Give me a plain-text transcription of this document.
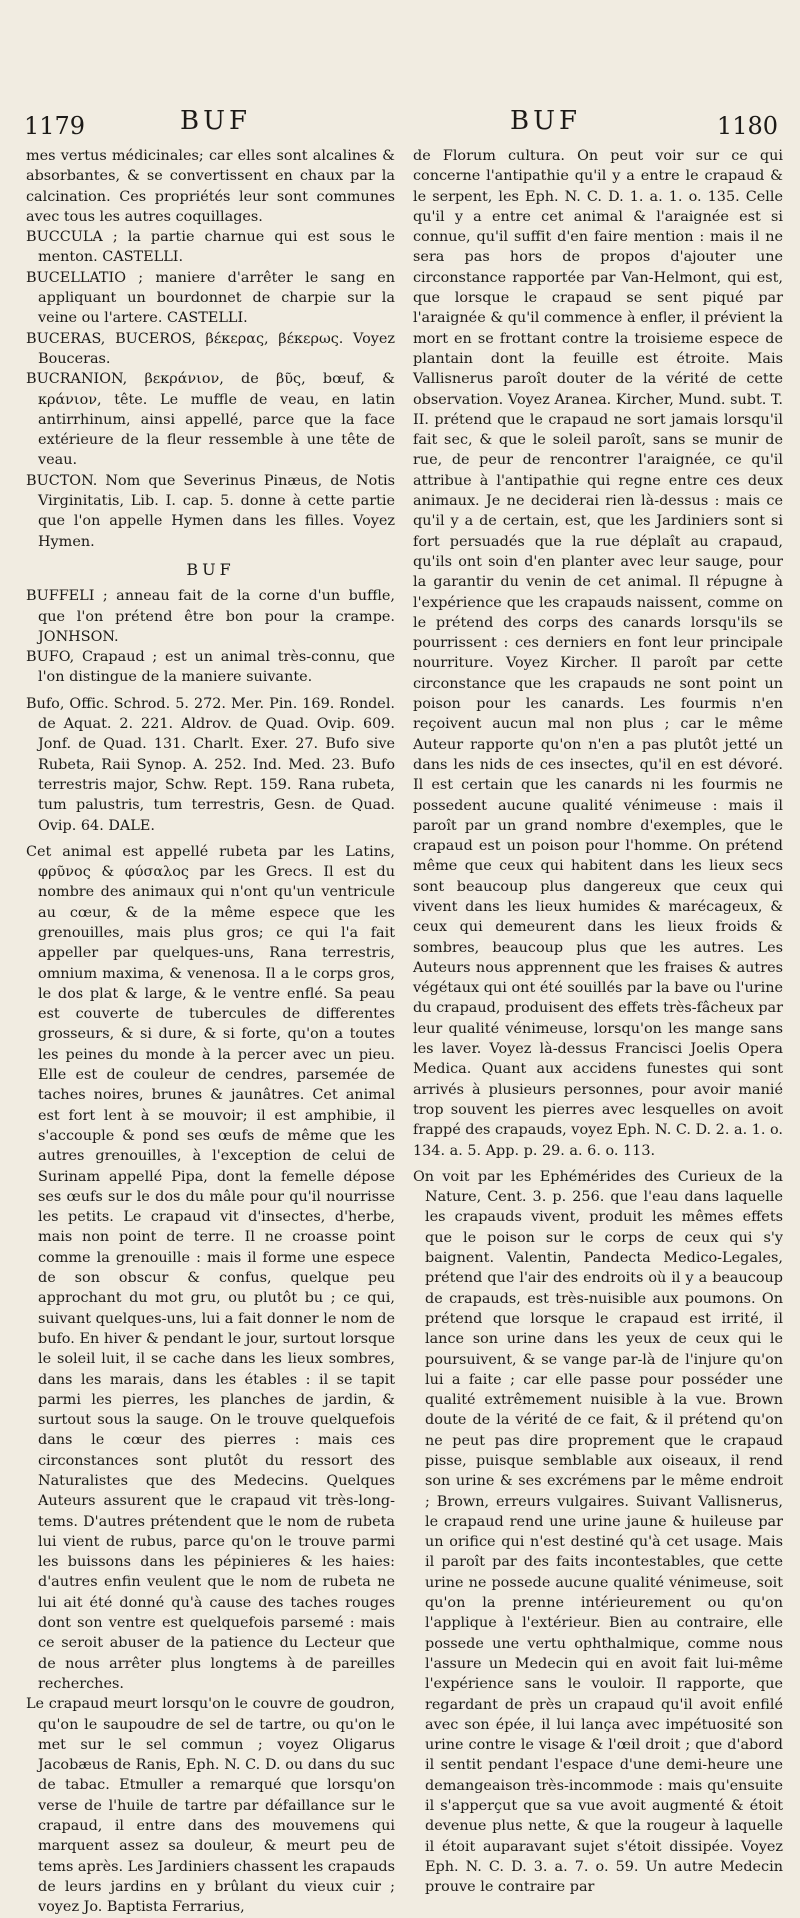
1179	BUF	BUF	1180

mes vertus médicinales; car elles sont alcalines & absorbantes, & se convertissent en chaux par la calcination. Ces propriétés leur sont communes avec tous les autres coquillages.

BUCCULA ; la partie charnue qui est sous le menton. CASTELLI.

BUCELLATIO ; maniere d'arrêter le sang en appliquant un bourdonnet de charpie sur la veine ou l'artere. CASTELLI.

BUCERAS, BUCEROS, βέκερας, βέκερως. Voyez Bouceras.

BUCRANION, βεκράνιον, de βῦς, bœuf, & κράνιον, tête. Le muffle de veau, en latin antirrhinum, ainsi appellé, parce que la face extérieure de la fleur ressemble à une tête de veau.

BUCTON. Nom que Severinus Pinæus, de Notis Virginitatis, Lib. I. cap. 5. donne à cette partie que l'on appelle Hymen dans les filles. Voyez Hymen.

BUF

BUFFELI ; anneau fait de la corne d'un buffle, que l'on prétend être bon pour la crampe. JONHSON.

BUFO, Crapaud ; est un animal très-connu, que l'on distingue de la maniere suivante.

Bufo, Offic. Schrod. 5. 272. Mer. Pin. 169. Rondel. de Aquat. 2. 221. Aldrov. de Quad. Ovip. 609. Jonf. de Quad. 131. Charlt. Exer. 27. Bufo sive Rubeta, Raii Synop. A. 252. Ind. Med. 23. Bufo terrestris major, Schw. Rept. 159. Rana rubeta, tum palustris, tum terrestris, Gesn. de Quad. Ovip. 64. DALE.

Cet animal est appellé rubeta par les Latins, φρῦνος & φύσαλος par les Grecs. Il est du nombre des animaux qui n'ont qu'un ventricule au cœur, & de la même espece que les grenouilles, mais plus gros; ce qui l'a fait appeller par quelques-uns, Rana terrestris, omnium maxima, & venenosa. Il a le corps gros, le dos plat & large, & le ventre enflé. Sa peau est couverte de tubercules de differentes grosseurs, & si dure, & si forte, qu'on a toutes les peines du monde à la percer avec un pieu. Elle est de couleur de cendres, parsemée de taches noires, brunes & jaunâtres. Cet animal est fort lent à se mouvoir; il est amphibie, il s'accouple & pond ses œufs de même que les autres grenouilles, à l'exception de celui de Surinam appellé Pipa, dont la femelle dépose ses œufs sur le dos du mâle pour qu'il nourrisse les petits. Le crapaud vit d'insectes, d'herbe, mais non point de terre. Il ne croasse point comme la grenouille : mais il forme une espece de son obscur & confus, quelque peu approchant du mot gru, ou plutôt bu ; ce qui, suivant quelques-uns, lui a fait donner le nom de bufo. En hiver & pendant le jour, surtout lorsque le soleil luit, il se cache dans les lieux sombres, dans les marais, dans les étables : il se tapit parmi les pierres, les planches de jardin, & surtout sous la sauge. On le trouve quelquefois dans le cœur des pierres : mais ces circonstances sont plutôt du ressort des Naturalistes que des Medecins. Quelques Auteurs assurent que le crapaud vit très-long-tems. D'autres prétendent que le nom de rubeta lui vient de rubus, parce qu'on le trouve parmi les buissons dans les pépinieres & les haies: d'autres enfin veulent que le nom de rubeta ne lui ait été donné qu'à cause des taches rouges dont son ventre est quelquefois parsemé : mais ce seroit abuser de la patience du Lecteur que de nous arrêter plus longtems à de pareilles recherches.

Le crapaud meurt lorsqu'on le couvre de goudron, qu'on le saupoudre de sel de tartre, ou qu'on le met sur le sel commun ; voyez Oligarus Jacobæus de Ranis, Eph. N. C. D. ou dans du suc de tabac. Etmuller a remarqué que lorsqu'on verse de l'huile de tartre par défaillance sur le crapaud, il entre dans des mouvemens qui marquent assez sa douleur, & meurt peu de tems après. Les Jardiniers chassent les crapauds de leurs jardins en y brûlant du vieux cuir ; voyez Jo. Baptista Ferrarius,

de Florum cultura. On peut voir sur ce qui concerne l'antipathie qu'il y a entre le crapaud & le serpent, les Eph. N. C. D. 1. a. 1. o. 135. Celle qu'il y a entre cet animal & l'araignée est si connue, qu'il suffit d'en faire mention : mais il ne sera pas hors de propos d'ajouter une circonstance rapportée par Van-Helmont, qui est, que lorsque le crapaud se sent piqué par l'araignée & qu'il commence à enfler, il prévient la mort en se frottant contre la troisieme espece de plantain dont la feuille est étroite. Mais Vallisnerus paroît douter de la vérité de cette observation. Voyez Aranea. Kircher, Mund. subt. T. II. prétend que le crapaud ne sort jamais lorsqu'il fait sec, & que le soleil paroît, sans se munir de rue, de peur de rencontrer l'araignée, ce qu'il attribue à l'antipathie qui regne entre ces deux animaux. Je ne deciderai rien là-dessus : mais ce qu'il y a de certain, est, que les Jardiniers sont si fort persuadés que la rue déplaît au crapaud, qu'ils ont soin d'en planter avec leur sauge, pour la garantir du venin de cet animal. Il répugne à l'expérience que les crapauds naissent, comme on le prétend des corps des canards lorsqu'ils se pourrissent : ces derniers en font leur principale nourriture. Voyez Kircher. Il paroît par cette circonstance que les crapauds ne sont point un poison pour les canards. Les fourmis n'en reçoivent aucun mal non plus ; car le même Auteur rapporte qu'on n'en a pas plutôt jetté un dans les nids de ces insectes, qu'il en est dévoré. Il est certain que les canards ni les fourmis ne possedent aucune qualité vénimeuse : mais il paroît par un grand nombre d'exemples, que le crapaud est un poison pour l'homme. On prétend même que ceux qui habitent dans les lieux secs sont beaucoup plus dangereux que ceux qui vivent dans les lieux humides & marécageux, & ceux qui demeurent dans les lieux froids & sombres, beaucoup plus que les autres. Les Auteurs nous apprennent que les fraises & autres végétaux qui ont été souillés par la bave ou l'urine du crapaud, produisent des effets très-fâcheux par leur qualité vénimeuse, lorsqu'on les mange sans les laver. Voyez là-dessus Francisci Joelis Opera Medica. Quant aux accidens funestes qui sont arrivés à plusieurs personnes, pour avoir manié trop souvent les pierres avec lesquelles on avoit frappé des crapauds, voyez Eph. N. C. D. 2. a. 1. o. 134. a. 5. App. p. 29. a. 6. o. 113.

On voit par les Ephémérides des Curieux de la Nature, Cent. 3. p. 256. que l'eau dans laquelle les crapauds vivent, produit les mêmes effets que le poison sur le corps de ceux qui s'y baignent. Valentin, Pandecta Medico-Legales, prétend que l'air des endroits où il y a beaucoup de crapauds, est très-nuisible aux poumons. On prétend que lorsque le crapaud est irrité, il lance son urine dans les yeux de ceux qui le poursuivent, & se vange par-là de l'injure qu'on lui a faite ; car elle passe pour posséder une qualité extrêmement nuisible à la vue. Brown doute de la vérité de ce fait, & il prétend qu'on ne peut pas dire proprement que le crapaud pisse, puisque semblable aux oiseaux, il rend son urine & ses excrémens par le même endroit ; Brown, erreurs vulgaires. Suivant Vallisnerus, le crapaud rend une urine jaune & huileuse par un orifice qui n'est destiné qu'à cet usage. Mais il paroît par des faits incontestables, que cette urine ne possede aucune qualité vénimeuse, soit qu'on la prenne intérieurement ou qu'on l'applique à l'extérieur. Bien au contraire, elle possede une vertu ophthalmique, comme nous l'assure un Medecin qui en avoit fait lui-même l'expérience sans le vouloir. Il rapporte, que regardant de près un crapaud qu'il avoit enfilé avec son épée, il lui lança avec impétuosité son urine contre le visage & l'œil droit ; que d'abord il sentit pendant l'espace d'une demi-heure une demangeaison très-incommode : mais qu'ensuite il s'apperçut que sa vue avoit augmenté & étoit devenue plus nette, & que la rougeur à laquelle il étoit auparavant sujet s'étoit dissipée. Voyez Eph. N. C. D. 3. a. 7. o. 59. Un autre Medecin prouve le contraire par
